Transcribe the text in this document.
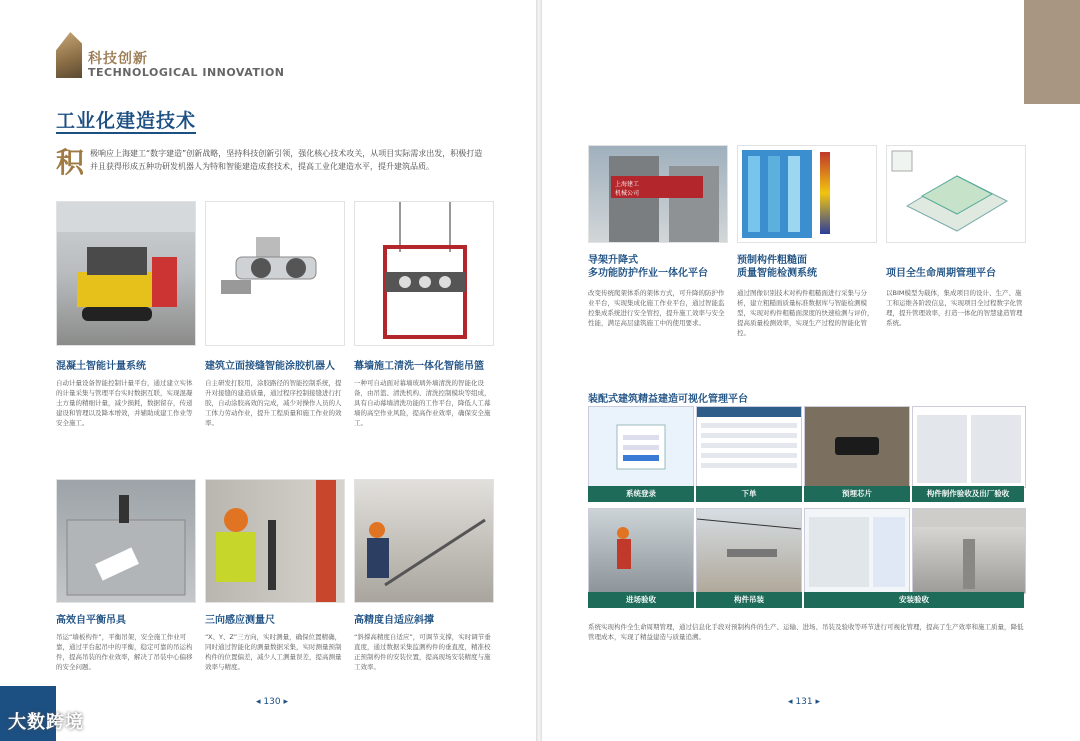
科技创新
TECHNOLOGICAL INNOVATION
工业化建造技术
积 极响应上海建工“数字建造”创新战略，坚持科技创新引领，强化核心技术攻关，从项目实际需求出发，积极打造并且获得形成五种功研发机器人为特和智能建造成套技术，提高工业化建造水平，提升建筑品质。
混凝土智能计量系统
自动计量设备智能控制计量平台，通过建立实体的计量采集与管理平台实时数据互联，实现混凝土方量的精细计量，减少损耗，数据留存，传递建设和管理以及降本增效，并辅助成建工作业等安全施工。
建筑立面接缝智能涂胶机器人
自主研发打胶用，涂胶路径的智能控制系统，提升对接缝的建造质量，通过程序控制接缝进行打胶，自动涂胶高效的完成，减少对操作人员的人工体力劳动作业，提升工程质量和施工作业的效率。
幕墙施工清洗一体化智能吊篮
一种可自动面对幕墙玻璃外墙清洗的智能化设备，由吊篮、清洗机构、清洗控制模块等组成，具有自动幕墙清洗功能的工作平台，降低人工幕墙的高空作业风险，提高作业效率，确保安全施工。
高效自平衡吊具
吊运“墙板构件”，平衡吊架，安全施工作业可靠，通过平台起吊中的平衡，稳定可靠的吊运构件，提高吊装的作业效率，解决了吊装中心偏移的安全问题。
三向感应测量尺
“X、Y、Z”三方向，实时测量，确保位置精确，同时通过智能化的测量数据采集，实时测量预制构件的位置偏差，减少人工测量误差，提高测量效率与精度。
高精度自适应斜撑
“斜撑高精度自适应”，可调节支撑，实时调节垂直度，通过数据采集监测构件的垂直度，精准校正预制构件的安装位置，提高现场安装精度与施工效率。
◂ 130 ▸
上海建工
机械公司
导架升降式
多功能防护作业一体化平台
改变传统爬架体系的架体方式，可升降的防护作业平台，实现集成化施工作业平台，通过智能监控集成系统进行安全管控，提升施工效率与安全性能，满足高层建筑施工中的使用要求。
预制构件粗糙面
质量智能检测系统
通过图像识别技术对构件粗糙面进行采集与分析，建立粗糙面质量标准数据库与智能检测模型，实现对构件粗糙面深度的快速检测与评价，提高质量检测效率，实现生产过程的智能化管控。
项目全生命周期管理平台
以BIM模型为载体，集成项目的设计、生产、施工和运维各阶段信息，实现项目全过程数字化管理，提升管理效率，打造一体化的智慧建造管理系统。
装配式建筑精益建造可视化管理平台
系统登录	下单	预埋芯片	构件制作验收及出厂验收
进场验收	构件吊装	安装验收
系统实现构件全生命周期管理，通过信息化手段对预制构件的生产、运输、进场、吊装及验收等环节进行可视化管理，提高了生产效率和施工质量，降低管理成本，实现了精益建造与质量追溯。
◂ 131 ▸
大数跨境
